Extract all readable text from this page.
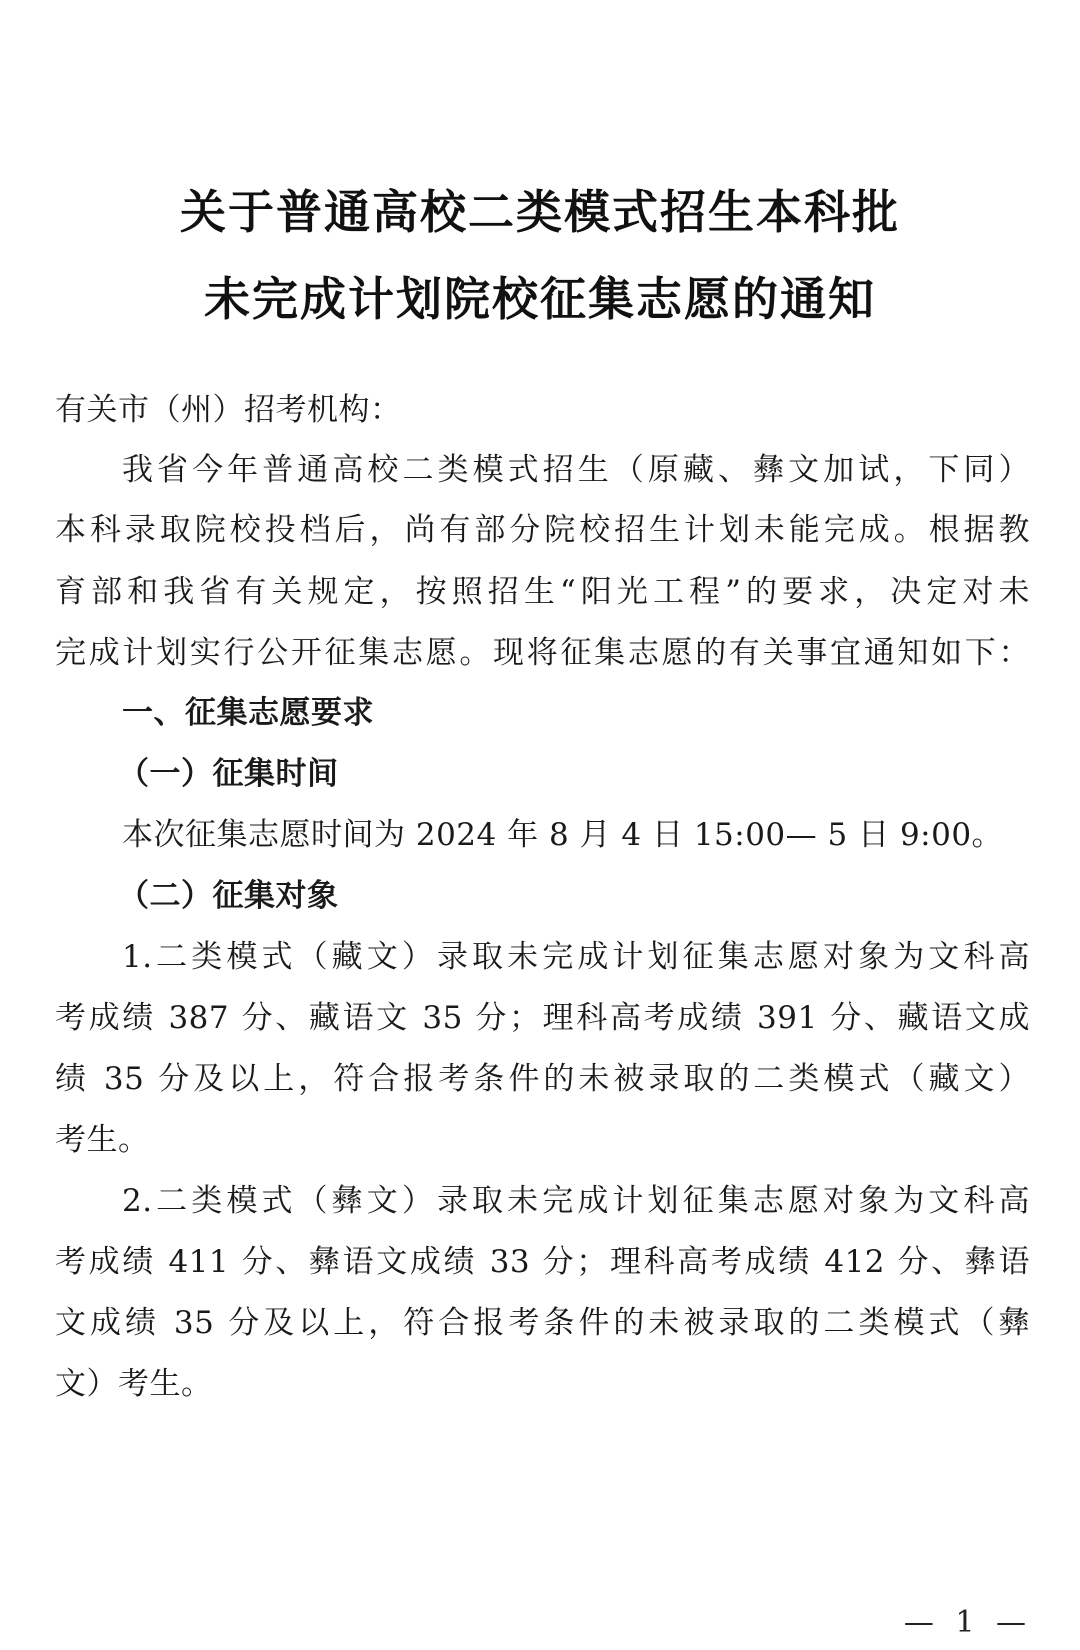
关于普通高校二类模式招生本科批
未完成计划院校征集志愿的通知
有关市（州）招考机构：
我省今年普通高校二类模式招生（原藏、彝文加试，下同）
本科录取院校投档后，尚有部分院校招生计划未能完成。根据教
育部和我省有关规定，按照招生“阳光工程”的要求，决定对未
完成计划实行公开征集志愿。现将征集志愿的有关事宜通知如下：
一、征集志愿要求
（一）征集时间
本次征集志愿时间为 2024 年 8 月 4 日 15:00— 5 日 9:00。
（二）征集对象
1.二类模式（藏文）录取未完成计划征集志愿对象为文科高
考成绩 387 分、藏语文 35 分；理科高考成绩 391 分、藏语文成
绩 35 分及以上，符合报考条件的未被录取的二类模式（藏文）
考生。
2.二类模式（彝文）录取未完成计划征集志愿对象为文科高
考成绩 411 分、彝语文成绩 33 分；理科高考成绩 412 分、彝语
文成绩 35 分及以上，符合报考条件的未被录取的二类模式（彝
文）考生。
— 1 —
